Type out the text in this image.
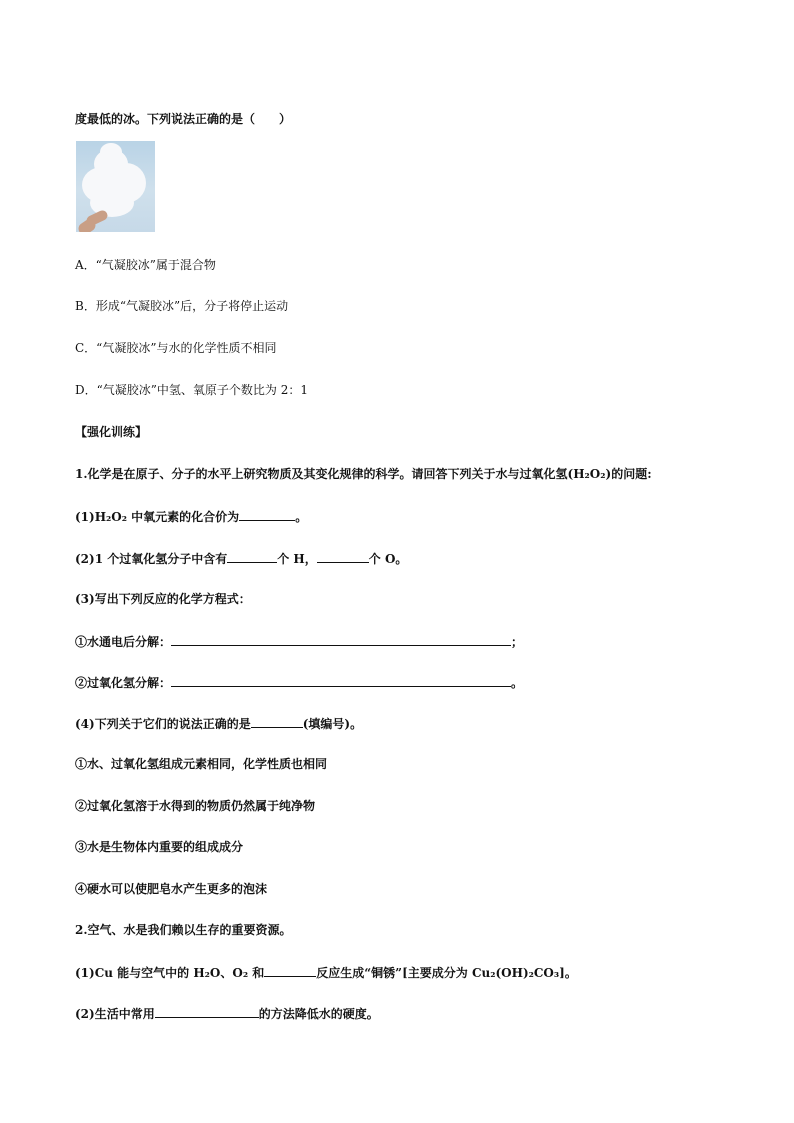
度最低的冰。下列说法正确的是（　　）
A．“气凝胶冰”属于混合物
B．形成“气凝胶冰”后，分子将停止运动
C．“气凝胶冰”与水的化学性质不相同
D．“气凝胶冰”中氢、氧原子个数比为 2：1
【强化训练】
1.化学是在原子、分子的水平上研究物质及其变化规律的科学。请回答下列关于水与过氧化氢(H₂O₂)的问题:
(1)H₂O₂ 中氧元素的化合价为	。
(2)1 个过氧化氢分子中含有	个 H，	个 O。
(3)写出下列反应的化学方程式：
①水通电后分解：	；
②过氧化氢分解：	。
(4)下列关于它们的说法正确的是	(填编号)。
①水、过氧化氢组成元素相同，化学性质也相同
②过氧化氢溶于水得到的物质仍然属于纯净物
③水是生物体内重要的组成成分
④硬水可以使肥皂水产生更多的泡沫
2.空气、水是我们赖以生存的重要资源。
(1)Cu 能与空气中的 H₂O、O₂ 和	反应生成“铜锈”[主要成分为 Cu₂(OH)₂CO₃]。
(2)生活中常用	的方法降低水的硬度。
